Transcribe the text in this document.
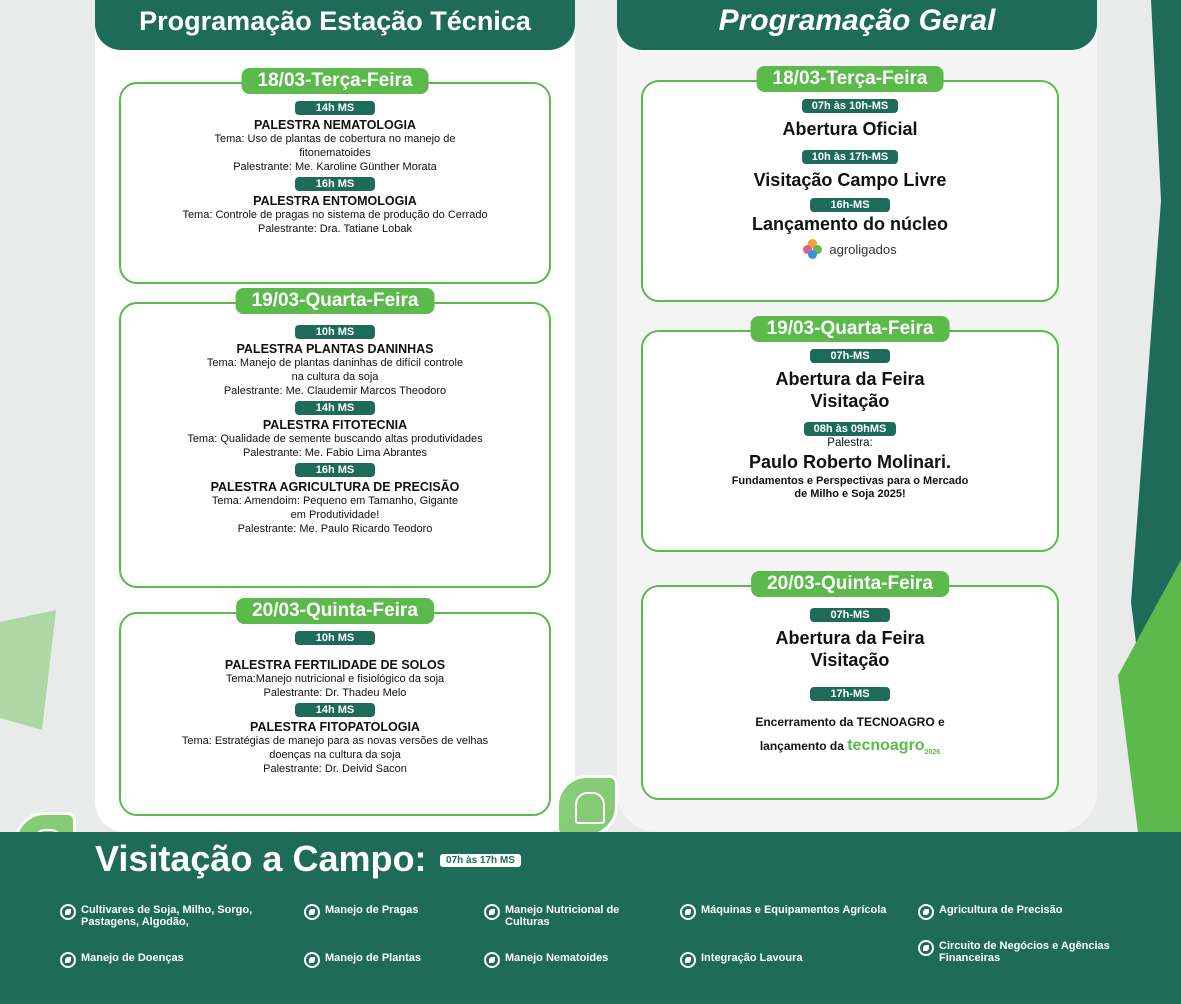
Programação Estação Técnica
18/03-Terça-Feira
14h MS
PALESTRA NEMATOLOGIA
Tema: Uso de plantas de cobertura no manejo de
fitonematoides
Palestrante: Me. Karoline Günther Morata
16h MS
PALESTRA ENTOMOLOGIA
Tema: Controle de pragas no sistema de produção do Cerrado
Palestrante: Dra. Tatiane Lobak
19/03-Quarta-Feira
10h MS
PALESTRA PLANTAS DANINHAS
Tema: Manejo de plantas daninhas de difícil controle
na cultura da soja
Palestrante: Me. Claudemir Marcos Theodoro
14h MS
PALESTRA FITOTECNIA
Tema: Qualidade de semente buscando altas produtividades
Palestrante: Me. Fabio Lima Abrantes
16h MS
PALESTRA AGRICULTURA DE PRECISÃO
Tema: Amendoim: Pequeno em Tamanho, Gigante
em Produtividade!
Palestrante: Me. Paulo Ricardo Teodoro
20/03-Quinta-Feira
10h MS
PALESTRA FERTILIDADE DE SOLOS
Tema:Manejo nutricional e fisiológico da soja
Palestrante: Dr. Thadeu Melo
14h MS
PALESTRA FITOPATOLOGIA
Tema: Estratégias de manejo para as novas versões de velhas
doenças na cultura da soja
Palestrante: Dr. Deivid Sacon
Programação Geral
18/03-Terça-Feira
07h às 10h-MS
Abertura Oficial
10h às 17h-MS
Visitação Campo Livre
16h-MS
Lançamento do núcleo
agroligados
19/03-Quarta-Feira
07h-MS
Abertura da Feira
Visitação
08h às 09hMS
Palestra:
Paulo Roberto Molinari.
Fundamentos e Perspectivas para o Mercado
de Milho e Soja 2025!
20/03-Quinta-Feira
07h-MS
Abertura da Feira
Visitação
17h-MS
Encerramento da TECNOAGRO e
lançamento da tecnoagro$_{2026}$
Visitação a Campo:	07h às 17h MS
Cultivares de Soja, Milho, Sorgo, Pastagens, Algodão,
Manejo de Pragas	Manejo Nutricional de Culturas
Máquinas e Equipamentos Agrícola	Agricultura de Precisão
Manejo de Doenças	Manejo de Plantas	Manejo Nematoides	Integração Lavoura
Circuito de Negócios e Agências Financeiras
